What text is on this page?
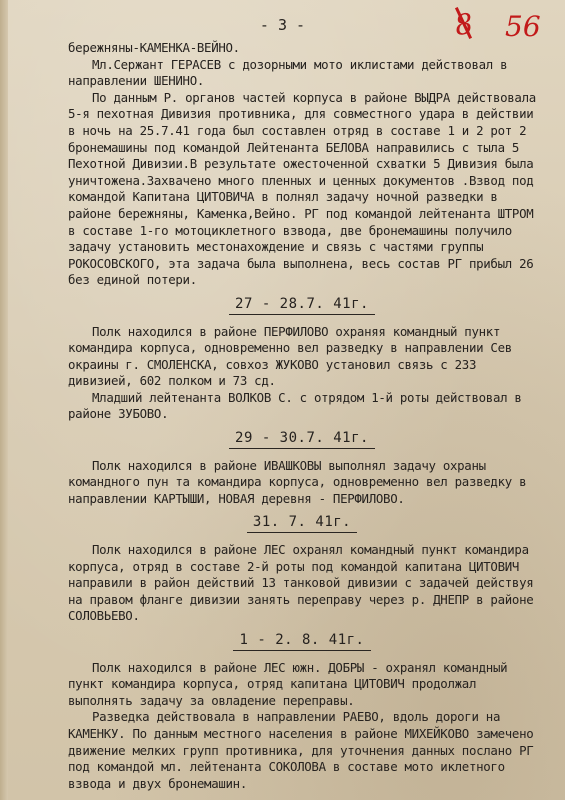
- 3 -	8 56

бережняны-КАМЕНКА-ВЕЙНО.

Мл.Сержант ГЕРАСЕВ с дозорными мото иклистами действовал в направлении ШЕНИНО.

По данным Р. органов частей корпуса в районе ВЫДРА действовала 5-я пехотная Дивизия противника, для совместного удара в действии в ночь на 25.7.41 года был составлен отряд в составе 1 и 2 рот 2 бронемашины под командой Лейтенанта БЕЛОВА направились с тыла 5 Пехотной Дивизии.В результате ожесточенной схватки 5 Дивизия была уничтожена.Захвачено много пленных и ценных документов .Взвод под командой Капитана ЦИТОВИЧА в полнял задачу ночной разведки в районе бережняны, Каменка,Вейно. РГ под командой лейтенанта ШТРОМ в составе 1-го мотоциклетного взвода, две бронемашины получило задачу установить местонахождение и связь с частями группы РОКОСОВСКОГО, эта задача была выполнена, весь состав РГ прибыл 26 без единой потери.

27 - 28.7. 41г.

Полк находился в районе ПЕРФИЛОВО охраняя командный пункт командира корпуса, одновременно вел разведку в направлении Сев окраины г. СМОЛЕНСКА, совхоз ЖУКОВО установил связь с 233 дивизией, 602 полком и 73 сд.

Младший лейтенанта ВОЛКОВ С. с отрядом 1-й роты действовал в районе ЗУБОВО.

29 - 30.7. 41г.

Полк находился в районе ИВАШКОВЫ выполнял задачу охраны командного пун та командира корпуса, одновременно вел разведку в направлении КАРТЫШИ, НОВАЯ деревня - ПЕРФИЛОВО.

31. 7. 41г.

Полк находился в районе ЛЕС охранял командный пункт командира корпуса, отряд в составе 2-й роты под командой капитана ЦИТОВИЧ направили в район действий 13 танковой дивизии с задачей действуя на правом фланге дивизии занять переправу через р. ДНЕПР в районе СОЛОВЬЕВО.

1 - 2. 8. 41г.

Полк находился в районе ЛЕС южн. ДОБРЫ - охранял командный пункт командира корпуса, отряд капитана ЦИТОВИЧ продолжал выполнять задачу за овладение переправы.

Разведка действовала в направлении РАЕВО, вдоль дороги на КАМЕНКУ. По данным местного населения в районе МИХЕЙКОВО замечено движение мелких групп противника, для уточнения данных послано РГ под командой мл. лейтенанта СОКОЛОВА в составе мото иклетного взвода и двух бронемашин.
